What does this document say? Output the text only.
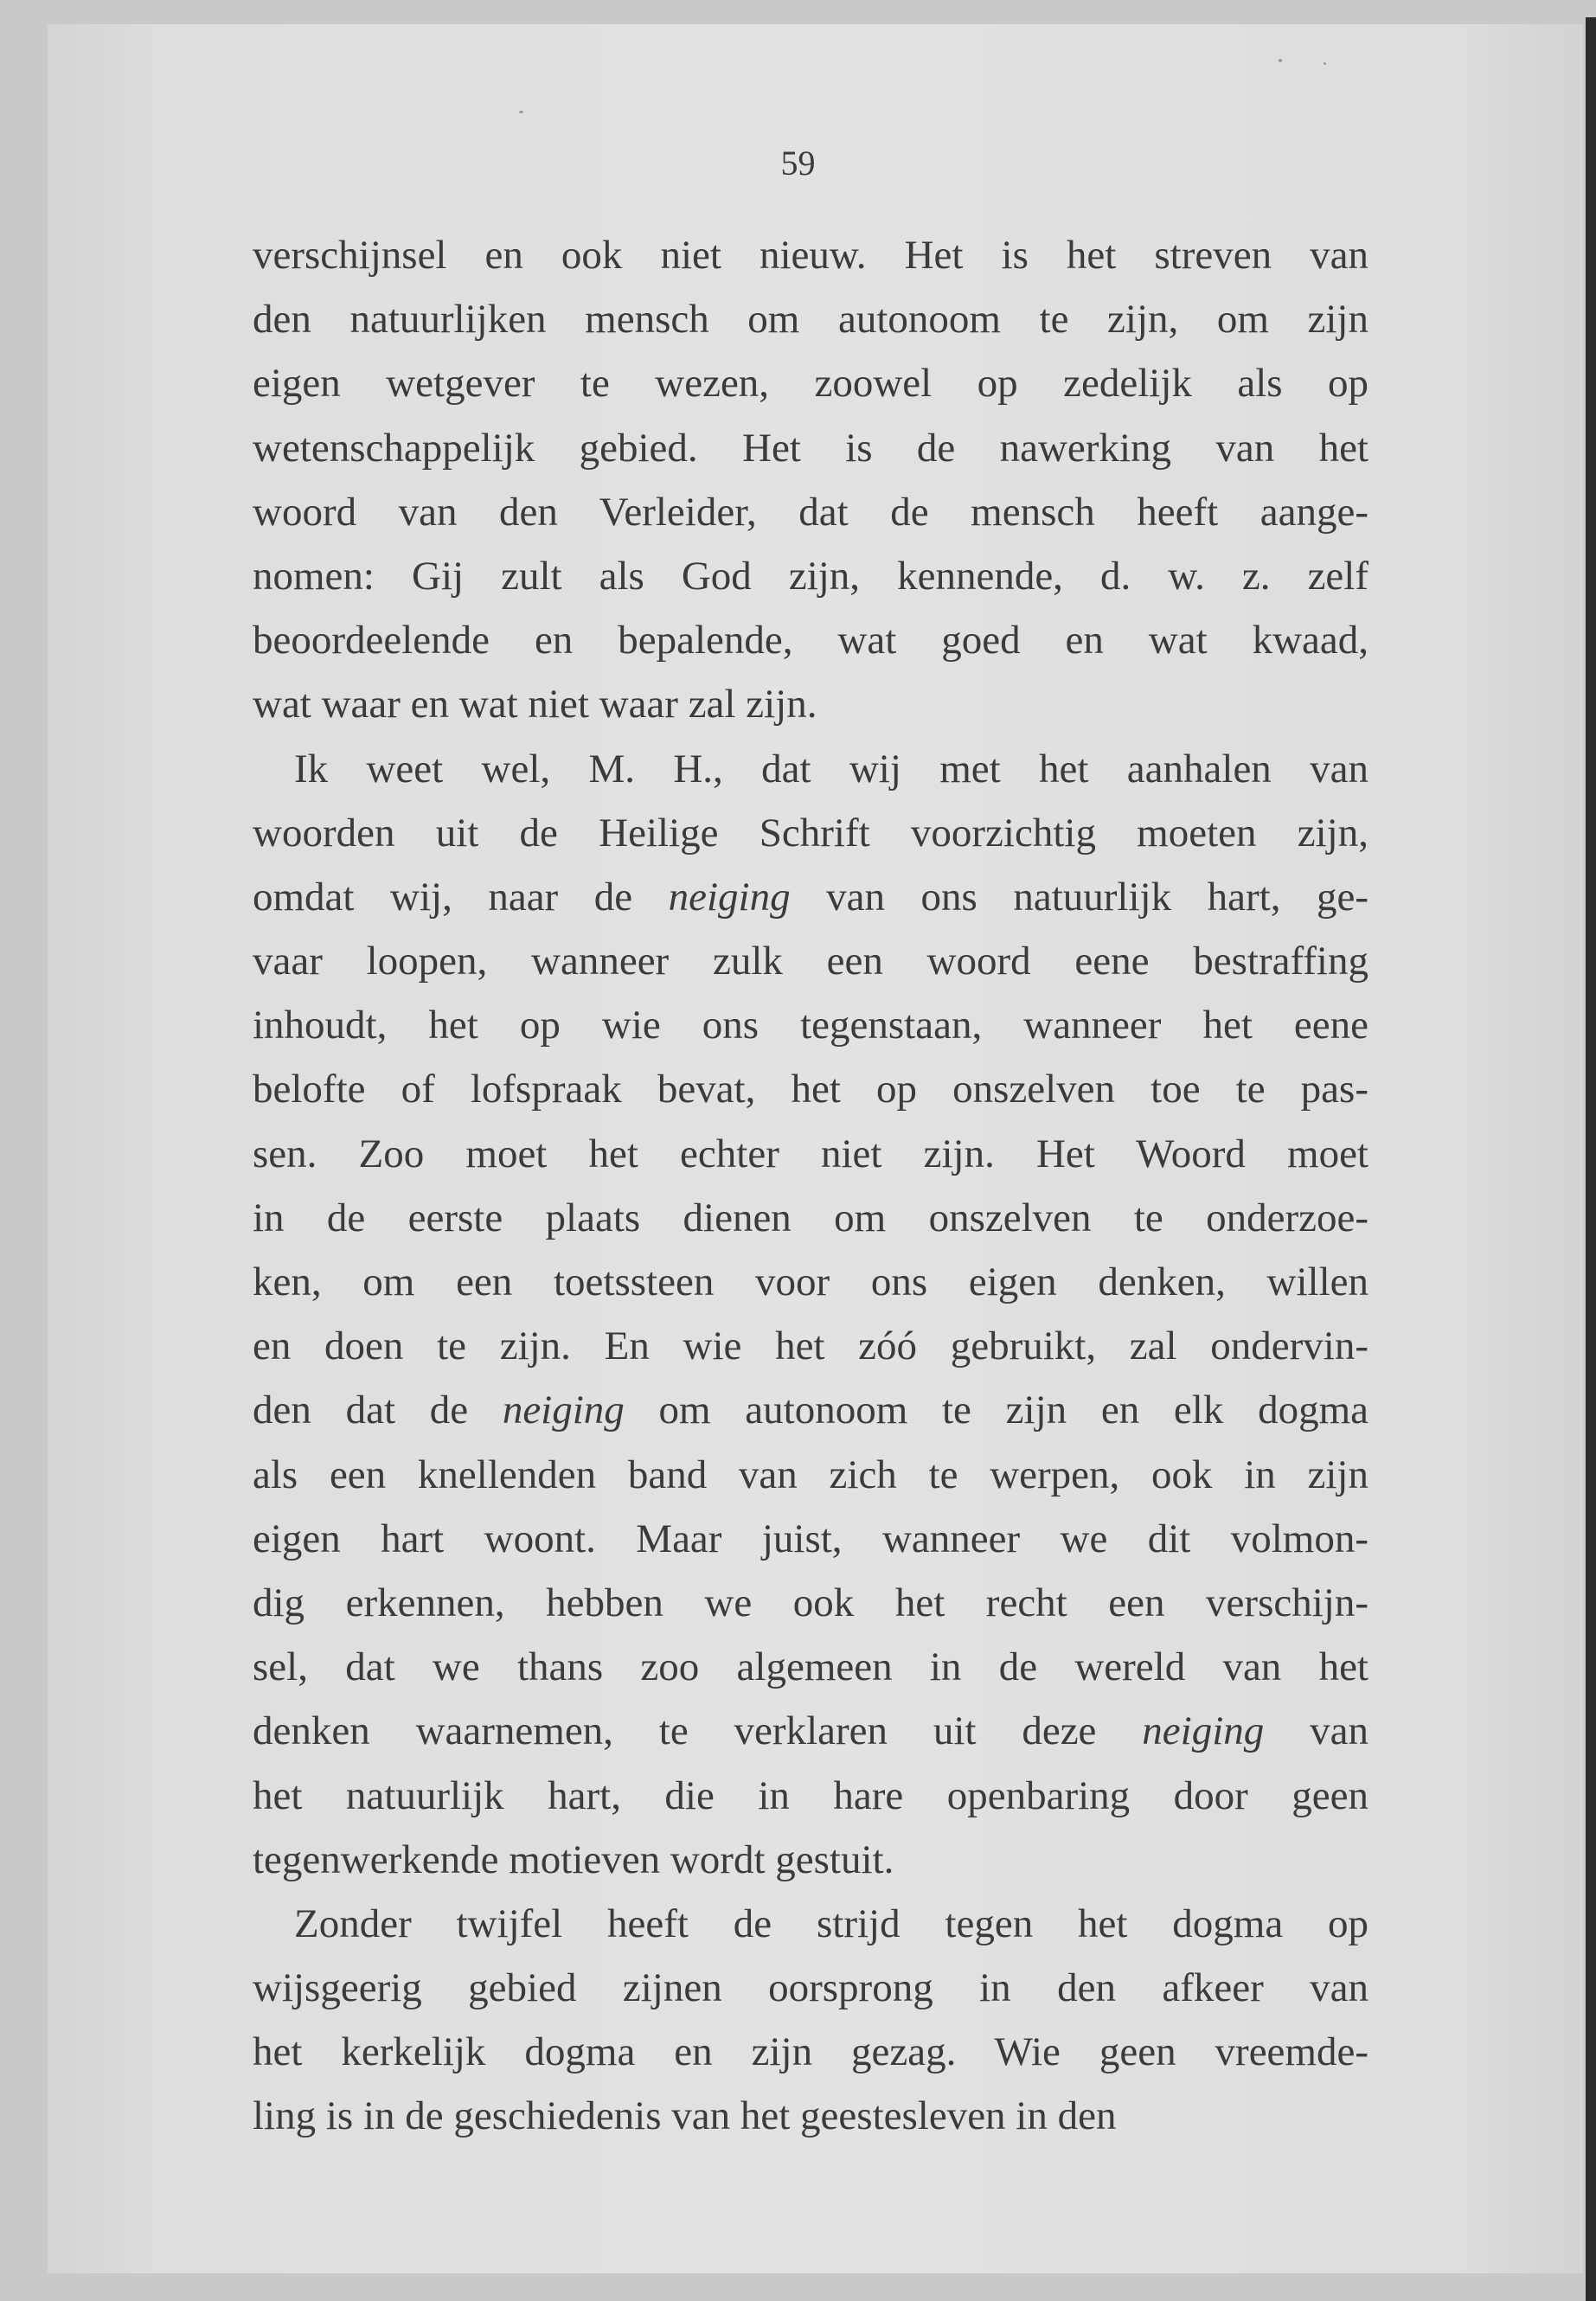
59
verschijnsel en ook niet nieuw. Het is het streven van
den natuurlijken mensch om autonoom te zijn, om zijn
eigen wetgever te wezen, zoowel op zedelijk als op
wetenschappelijk gebied. Het is de nawerking van het
woord van den Verleider, dat de mensch heeft aange-
nomen: Gij zult als God zijn, kennende, d. w. z. zelf
beoordeelende en bepalende, wat goed en wat kwaad,
wat waar en wat niet waar zal zijn.
Ik weet wel, M. H., dat wij met het aanhalen van
woorden uit de Heilige Schrift voorzichtig moeten zijn,
omdat wij, naar de neiging van ons natuurlijk hart, ge-
vaar loopen, wanneer zulk een woord eene bestraffing
inhoudt, het op wie ons tegenstaan, wanneer het eene
belofte of lofspraak bevat, het op onszelven toe te pas-
sen. Zoo moet het echter niet zijn. Het Woord moet
in de eerste plaats dienen om onszelven te onderzoe-
ken, om een toetssteen voor ons eigen denken, willen
en doen te zijn. En wie het zóó gebruikt, zal ondervin-
den dat de neiging om autonoom te zijn en elk dogma
als een knellenden band van zich te werpen, ook in zijn
eigen hart woont. Maar juist, wanneer we dit volmon-
dig erkennen, hebben we ook het recht een verschijn-
sel, dat we thans zoo algemeen in de wereld van het
denken waarnemen, te verklaren uit deze neiging van
het natuurlijk hart, die in hare openbaring door geen
tegenwerkende motieven wordt gestuit.
Zonder twijfel heeft de strijd tegen het dogma op
wijsgeerig gebied zijnen oorsprong in den afkeer van
het kerkelijk dogma en zijn gezag. Wie geen vreemde-
ling is in de geschiedenis van het geestesleven in den
